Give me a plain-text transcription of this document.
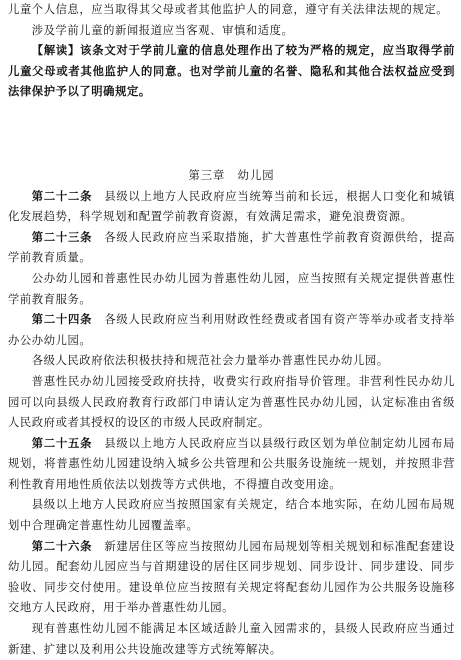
儿童个人信息，应当取得其父母或者其他监护人的同意，遵守有关法律法规的规定。

涉及学前儿童的新闻报道应当客观、审慎和适度。

【解读】该条文对于学前儿童的信息处理作出了较为严格的规定，应当取得学前儿童父母或者其他监护人的同意。也对学前儿童的名誉、隐私和其他合法权益应受到法律保护予以了明确规定。

第三章　幼儿园

第二十二条　县级以上地方人民政府应当统筹当前和长远，根据人口变化和城镇化发展趋势，科学规划和配置学前教育资源，有效满足需求，避免浪费资源。

第二十三条　各级人民政府应当采取措施，扩大普惠性学前教育资源供给，提高学前教育质量。

公办幼儿园和普惠性民办幼儿园为普惠性幼儿园，应当按照有关规定提供普惠性学前教育服务。

第二十四条　各级人民政府应当利用财政性经费或者国有资产等举办或者支持举办公办幼儿园。

各级人民政府依法积极扶持和规范社会力量举办普惠性民办幼儿园。

普惠性民办幼儿园接受政府扶持，收费实行政府指导价管理。非营利性民办幼儿园可以向县级人民政府教育行政部门申请认定为普惠性民办幼儿园，认定标准由省级人民政府或者其授权的设区的市级人民政府制定。

第二十五条　县级以上地方人民政府应当以县级行政区划为单位制定幼儿园布局规划，将普惠性幼儿园建设纳入城乡公共管理和公共服务设施统一规划，并按照非营利性教育用地性质依法以划拨等方式供地，不得擅自改变用途。

县级以上地方人民政府应当按照国家有关规定，结合本地实际，在幼儿园布局规划中合理确定普惠性幼儿园覆盖率。

第二十六条　新建居住区等应当按照幼儿园布局规划等相关规划和标准配套建设幼儿园。配套幼儿园应当与首期建设的居住区同步规划、同步设计、同步建设、同步验收、同步交付使用。建设单位应当按照有关规定将配套幼儿园作为公共服务设施移交地方人民政府，用于举办普惠性幼儿园。

现有普惠性幼儿园不能满足本区域适龄儿童入园需求的，县级人民政府应当通过新建、扩建以及利用公共设施改建等方式统筹解决。
